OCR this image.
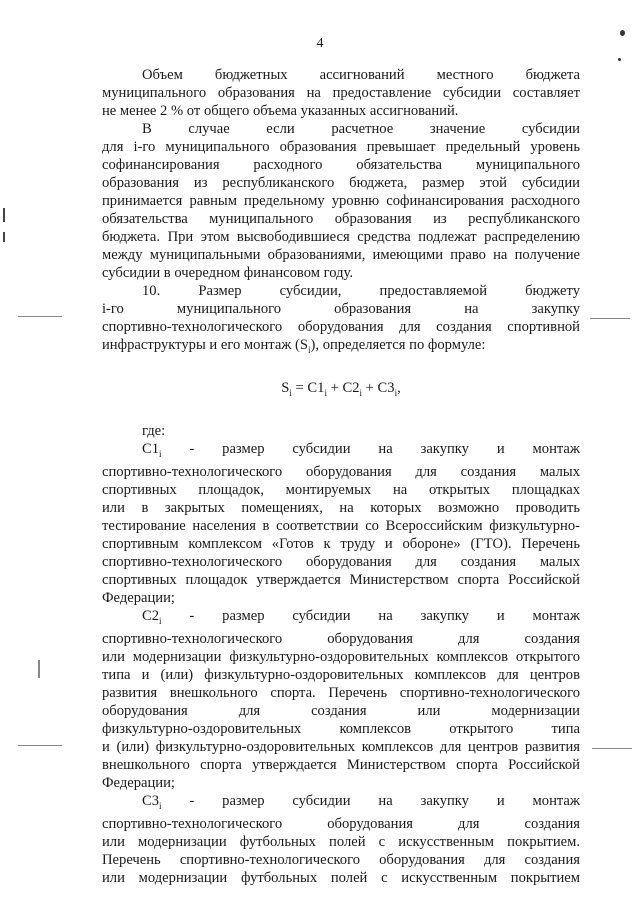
4
Объем бюджетных ассигнований местного бюджета
муниципального образования на предоставление субсидии составляет
не менее 2 % от общего объема указанных ассигнований.
В случае если расчетное значение субсидии
для i-го муниципального образования превышает предельный уровень
софинансирования расходного обязательства муниципального
образования из республиканского бюджета, размер этой субсидии
принимается равным предельному уровню софинансирования расходного
обязательства муниципального образования из республиканского
бюджета. При этом высвободившиеся средства подлежат распределению
между муниципальными образованиями, имеющими право на получение
субсидии в очередном финансовом году.
10. Размер субсидии, предоставляемой бюджету
i-го муниципального образования на закупку
спортивно-технологического оборудования для создания спортивной
инфраструктуры и его монтаж $(S_i)$, определяется по формуле:
$S_i = C1_i + C2_i + C3_i$,
где:
$C1_i$ - размер субсидии на закупку и монтаж
спортивно-технологического оборудования для создания малых
спортивных площадок, монтируемых на открытых площадках
или в закрытых помещениях, на которых возможно проводить
тестирование населения в соответствии со Всероссийским физкультурно-
спортивным комплексом «Готов к труду и обороне» (ГТО). Перечень
спортивно-технологического оборудования для создания малых
спортивных площадок утверждается Министерством спорта Российской
Федерации;
$C2_i$ - размер субсидии на закупку и монтаж
спортивно-технологического оборудования для создания
или модернизации физкультурно-оздоровительных комплексов открытого
типа и (или) физкультурно-оздоровительных комплексов для центров
развития внешкольного спорта. Перечень спортивно-технологического
оборудования для создания или модернизации
физкультурно-оздоровительных комплексов открытого типа
и (или) физкультурно-оздоровительных комплексов для центров развития
внешкольного спорта утверждается Министерством спорта Российской
Федерации;
$C3_i$ - размер субсидии на закупку и монтаж
спортивно-технологического оборудования для создания
или модернизации футбольных полей с искусственным покрытием.
Перечень спортивно-технологического оборудования для создания
или модернизации футбольных полей с искусственным покрытием
